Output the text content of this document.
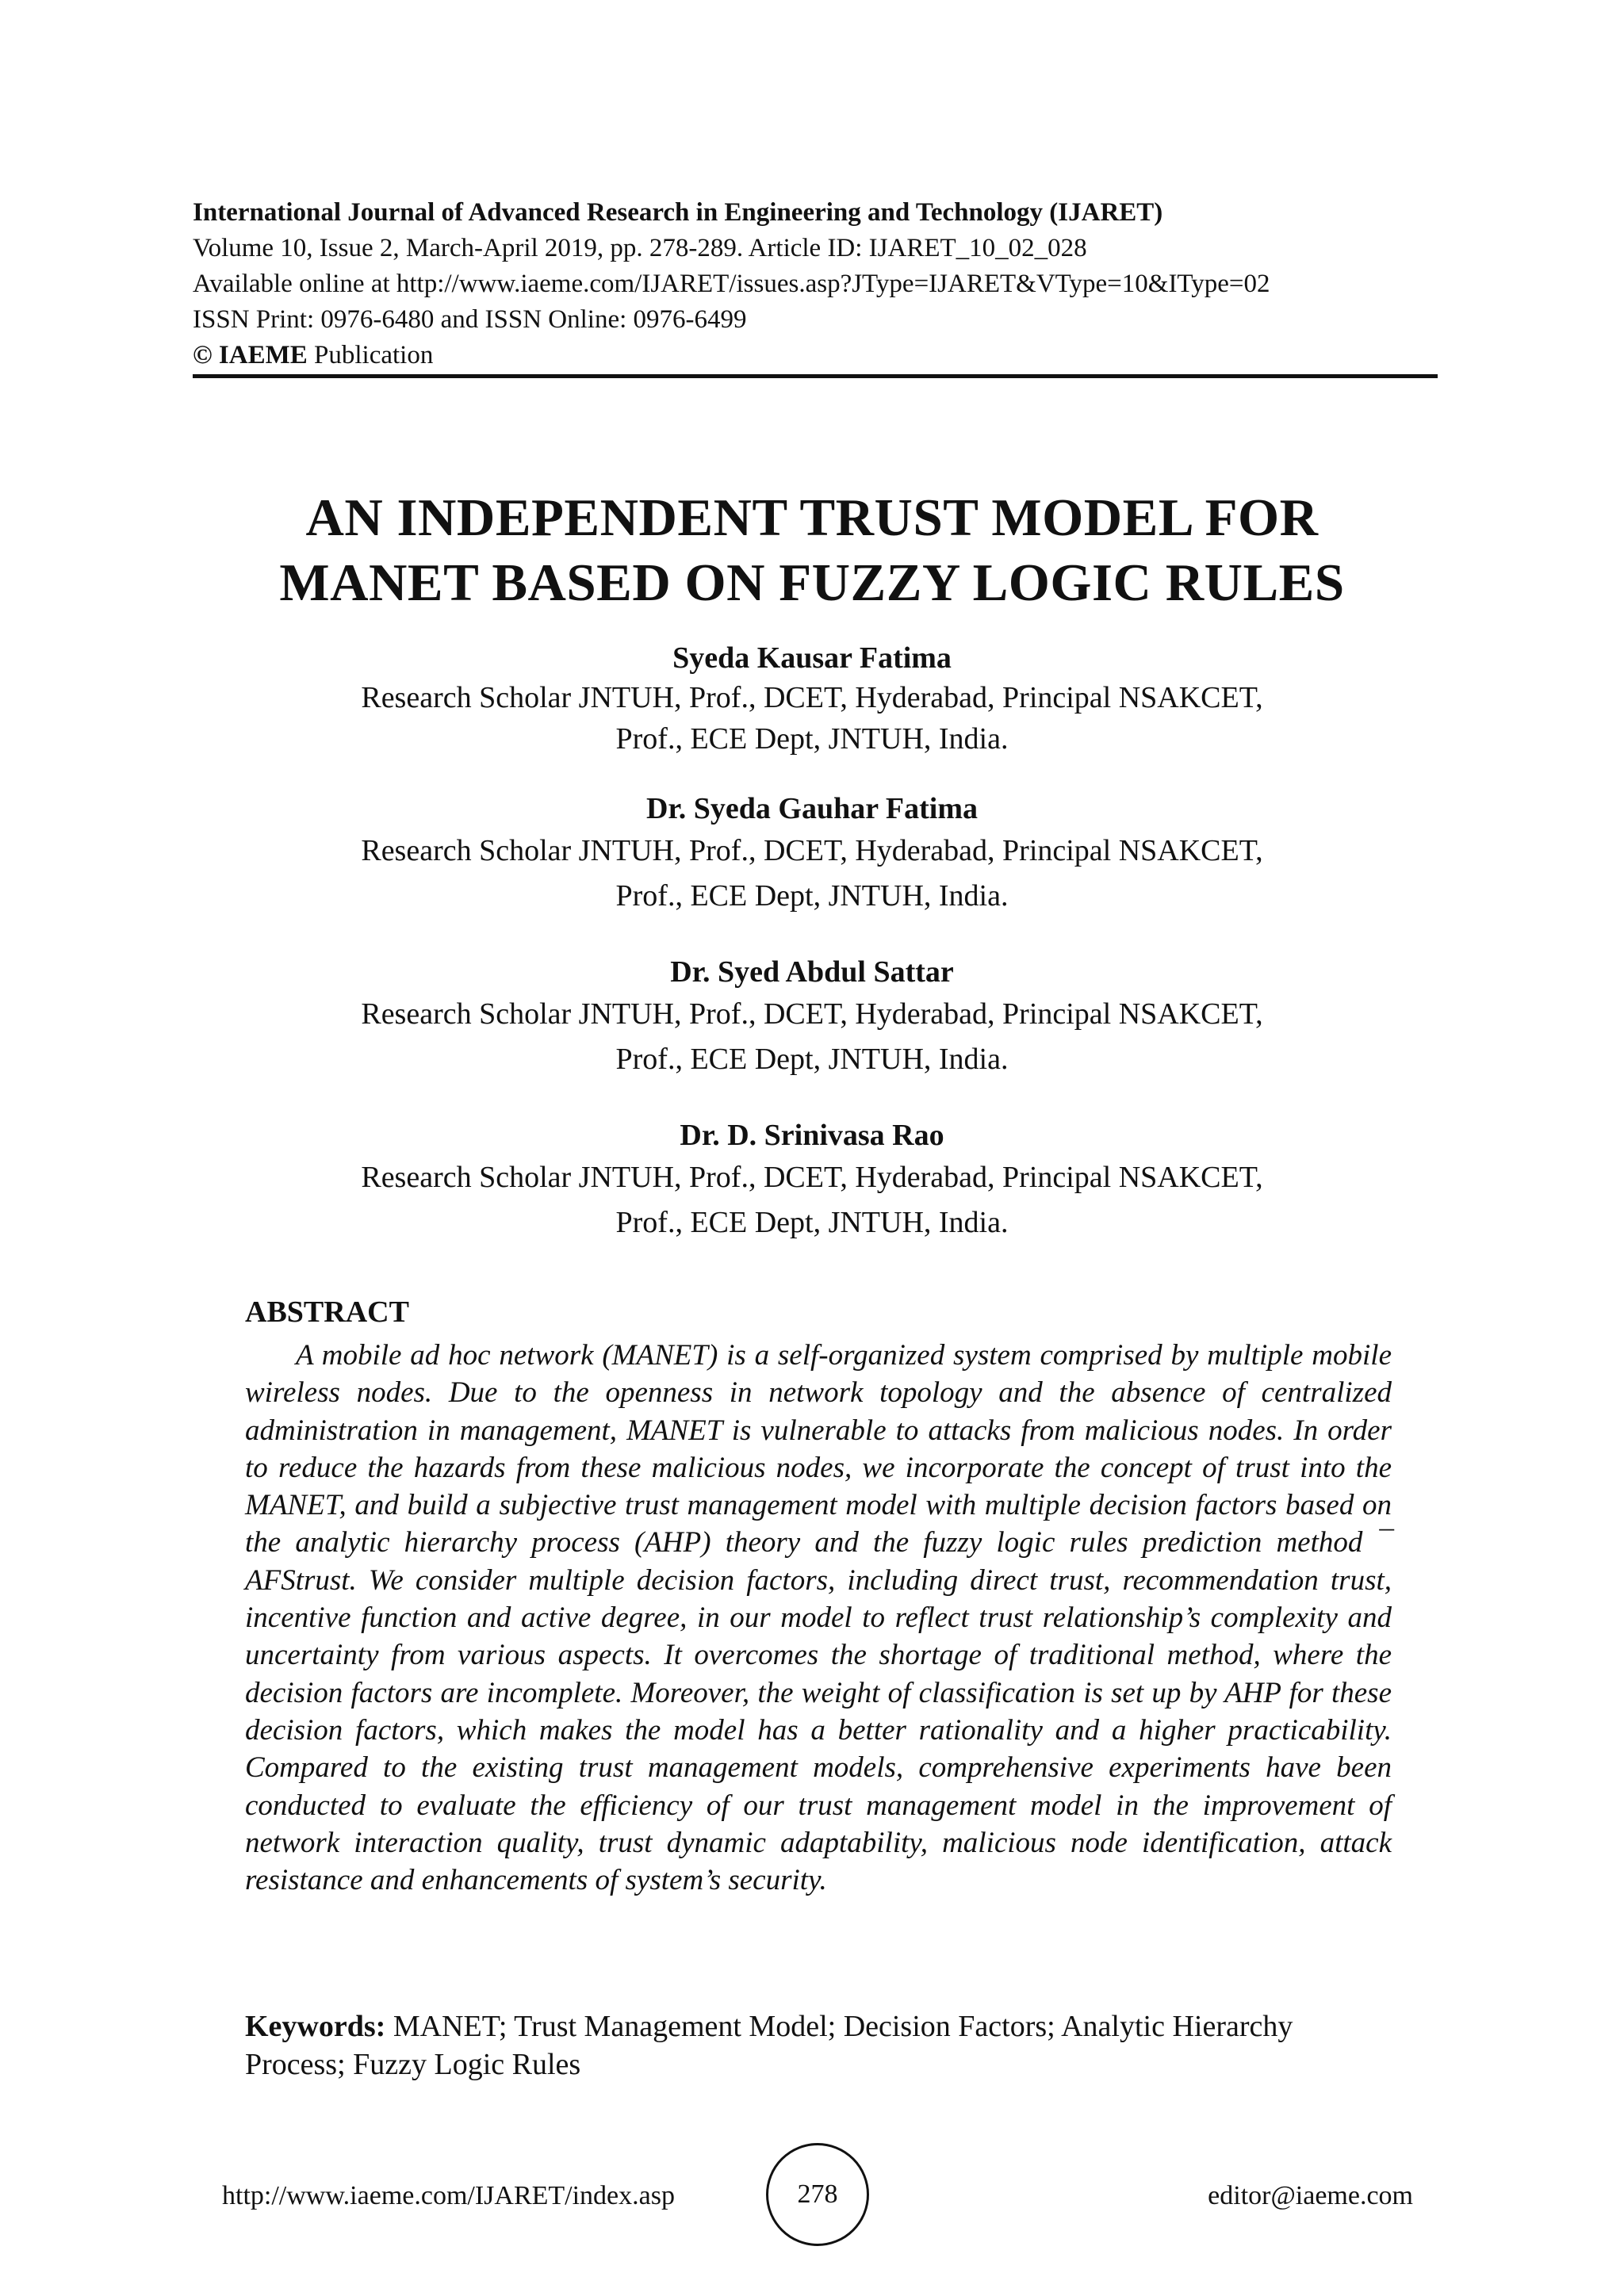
International Journal of Advanced Research in Engineering and Technology (IJARET)
Volume 10, Issue 2, March-April 2019, pp. 278-289. Article ID: IJARET_10_02_028
Available online at http://www.iaeme.com/IJARET/issues.asp?JType=IJARET&VType=10&IType=02
ISSN Print: 0976-6480 and ISSN Online: 0976-6499
© IAEME Publication
AN INDEPENDENT TRUST MODEL FOR
MANET BASED ON FUZZY LOGIC RULES
Syeda Kausar Fatima
Research Scholar JNTUH, Prof., DCET, Hyderabad, Principal NSAKCET,
Prof., ECE Dept, JNTUH, India.
Dr. Syeda Gauhar Fatima
Research Scholar JNTUH, Prof., DCET, Hyderabad, Principal NSAKCET,
Prof., ECE Dept, JNTUH, India.
Dr. Syed Abdul Sattar
Research Scholar JNTUH, Prof., DCET, Hyderabad, Principal NSAKCET,
Prof., ECE Dept, JNTUH, India.
Dr. D. Srinivasa Rao
Research Scholar JNTUH, Prof., DCET, Hyderabad, Principal NSAKCET,
Prof., ECE Dept, JNTUH, India.
ABSTRACT

A mobile ad hoc network (MANET) is a self-organized system comprised by multiple mobile wireless nodes. Due to the openness in network topology and the absence of centralized administration in management, MANET is vulnerable to attacks from malicious nodes. In order to reduce the hazards from these malicious nodes, we incorporate the concept of trust into the MANET, and build a subjective trust management model with multiple decision factors based on the analytic hierarchy process (AHP) theory and the fuzzy logic rules prediction method ¯ AFStrust. We consider multiple decision factors, including direct trust, recommendation trust, incentive function and active degree, in our model to reflect trust relationship’s complexity and uncertainty from various aspects. It overcomes the shortage of traditional method, where the decision factors are incomplete. Moreover, the weight of classification is set up by AHP for these decision factors, which makes the model has a better rationality and a higher practicability. Compared to the existing trust management models, comprehensive experiments have been conducted to evaluate the efficiency of our trust management model in the improvement of network interaction quality, trust dynamic adaptability, malicious node identification, attack resistance and enhancements of system’s security.

Keywords: MANET; Trust Management Model; Decision Factors; Analytic Hierarchy Process; Fuzzy Logic Rules
http://www.iaeme.com/IJARET/index.asp	278	editor@iaeme.com
